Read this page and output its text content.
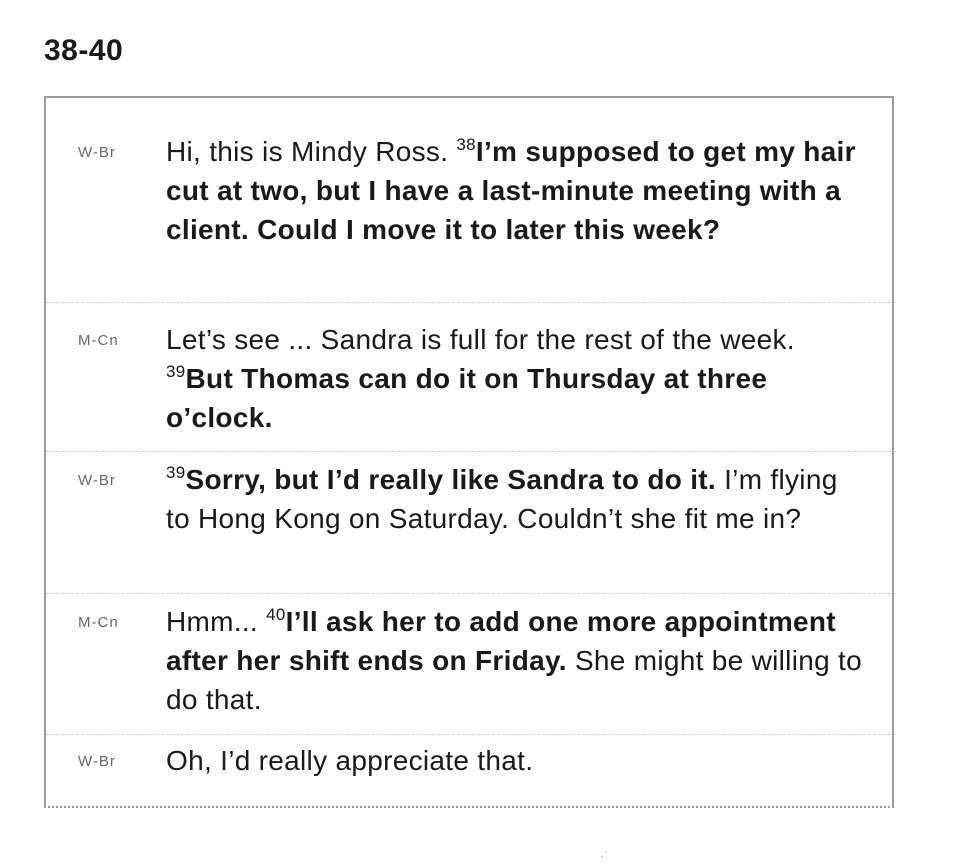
38-40
W-Br Hi, this is Mindy Ross. $^{38}$I’m supposed to get my hair cut at two, but I have a last-minute meeting with a client. Could I move it to later this week?
M-Cn Let’s see ... Sandra is full for the rest of the week. $^{39}$But Thomas can do it on Thursday at three o’clock.
W-Br	$^{39}$Sorry, but I’d really like Sandra to do it. I’m flying to Hong Kong on Saturday. Couldn’t she fit me in?
M-Cn Hmm... $^{40}$I’ll ask her to add one more appointment after her shift ends on Friday. She might be willing to do that.
W-Br Oh, I’d really appreciate that.
·˙
